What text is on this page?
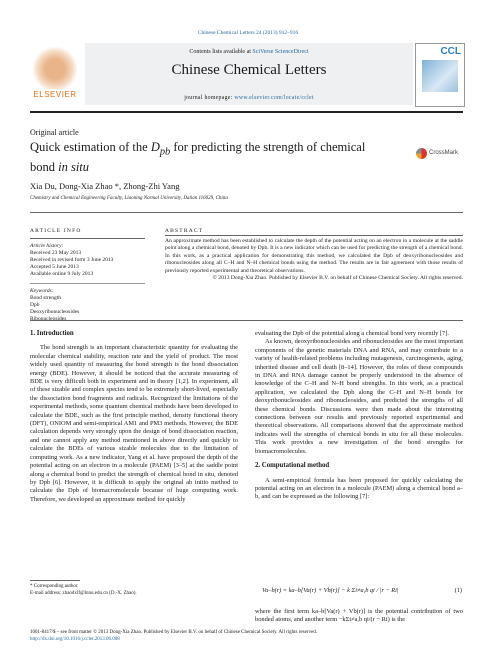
Chinese Chemical Letters 24 (2013) 912–916
ELSEVIER
Contents lists available at SciVerse ScienceDirect
Chinese Chemical Letters
journal homepage: www.elsevier.com/locate/cclet
CCL
Original article
Quick estimation of the $D_{pb}$ for predicting the strength of chemical bond in situ
CrossMark
Xia Du, Dong-Xia Zhao *, Zhong-Zhi Yang
Chemistry and Chemical Engineering Faculty, Liaoning Normal University, Dalian 116029, China
ARTICLE INFO
Article history:
Received 23 May 2013
Received in revised form 3 June 2013
Accepted 5 June 2013
Available online 9 July 2013
Keywords:
Bond strength
Dpb
Deoxyribonucleosides
Ribonucleosides
ABSTRACT
An approximate method has been established to calculate the depth of the potential acting on an electron in a molecule at the saddle point along a chemical bond, denoted by Dpb. It is a new indicator which can be used for predicting the strength of a chemical bond. In this work, as a practical application for demonstrating this method, we calculated the Dpb of deoxyribonucleosides and ribonucleosides along all C–H and N–H chemical bonds using the method. The results are in fair agreement with those results of previously reported experimental and theoretical observations.
© 2013 Dong-Xia Zhao. Published by Elsevier B.V. on behalf of Chinese Chemical Society. All rights reserved.

1. Introduction

The bond strength is an important characteristic quantity for evaluating the molecular chemical stability, reaction rate and the yield of product. The most widely used quantity of measuring the bond strength is the bond dissociation energy (BDE). However, it should be noticed that the accurate measuring of BDE is very difficult both in experiment and in theory [1,2]. In experiment, all of these sizable and complex species tend to be extremely short-lived, especially the dissociation bond fragments and radicals. Recognized the limitations of the experimental methods, some quantum chemical methods have been developed to calculate the BDE, such as the first principle method, density functional theory (DFT), ONIOM and semi-empirical AM1 and PM3 methods. However, the BDE calculation depends very strongly upon the design of bond dissociation reaction, and one cannot apply any method mentioned in above directly and quickly to calculate the BDEs of various sizable molecules due to the limitation of computing work. As a new indicator, Yang et al. have proposed the depth of the potential acting on an electron in a molecule (PAEM) [3–5] at the saddle point along a chemical bond to predict the strength of chemical bond in situ, denoted by Dpb [6]. However, it is difficult to apply the original ab initio method to calculate the Dpb of biomacromolecule because of huge computing work. Therefore, we developed an approximate method for quickly

evaluating the Dpb of the potential along a chemical bond very recently [7].

As known, deoxyribonucleosides and ribonucleosides are the most important components of the genetic materials DNA and RNA, and may contribute to a variety of health-related problems including mutagenesis, carcinogenesis, aging, inherited disease and cell death [8–14]. However, the roles of these compounds in DNA and RNA damage cannot be properly understood in the absence of knowledge of the C–H and N–H bond strengths. In this work, as a practical application, we calculated the Dpb along the C–H and N–H bonds for deoxyribonucleosides and ribonucleosides, and predicted the strengths of all these chemical bonds. Discussions were then made about the interesting connections between our results and previously reported experimental and theoretical observations. All comparisons showed that the approximate method indicates well the strengths of chemical bonds in situ for all these molecules. This work provides a new investigation of the bond strengths for biomacromolecules.

2. Computational method

A semi-empirical formula has been proposed for quickly calculating the potential acting on an electron in a molecule (PAEM) along a chemical bond a–b, and can be expressed as the following [7]:

Va–b(r) = ka–b[Va(r) + Vb(r)] − k Σi≠a,b qi / |r − Ri|	(1)

where the first term ka–b[Va(r) + Vb(r)] is the potential contribution of two bonded atoms, and another term −kΣi≠a,b qi/(r − Ri) is the

* Corresponding author.
E-mail address: zhaodxlf@lnnu.edu.cn (D.-X. Zhao).
1001-8417/$ – see front matter © 2013 Dong-Xia Zhao. Published by Elsevier B.V. on behalf of Chinese Chemical Society. All rights reserved.
http://dx.doi.org/10.1016/j.cclet.2013.06.008
